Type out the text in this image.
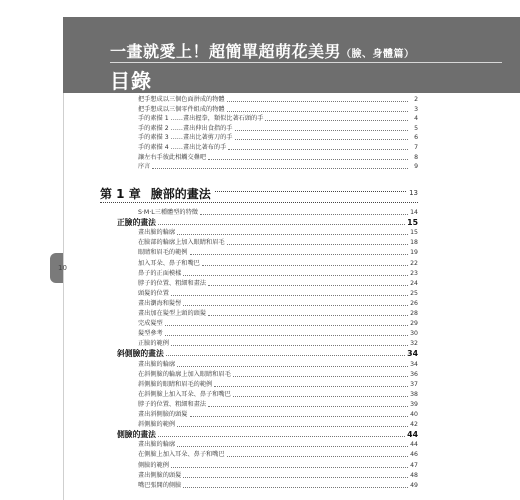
一畫就愛上！超簡單超萌花美男（臉、身體篇）
目錄
10
把手想成以三個色面拼成的物體	2
把手想成以三個零件組成的物體	3
手的素描 1 ……畫出握拳，類似比著石頭的手	4
手的素描 2 ……畫出伸出食指的手	5
手的素描 3 ……畫出比著剪刀的手	6
手的素描 4 ……畫出比著布的手	7
讓左右手彼此相觸交疊吧	8
序言	9
第 1 章 臉部的畫法	13
S‧M‧L三種體型的特徵	14
正臉的畫法	15
畫出臉的輪廓	15
在臉部的輪廓上加入眼睛和眉毛	18
眼睛和眉毛的範例	19
加入耳朵、鼻子和嘴巴	22
鼻子的正面模樣	23
脖子的位置、粗細和畫法	24
頭髮的位置	25
畫出瀏海和髮髻	26
畫出加在髮型上頭的頭髮	28
完成髮型	29
髮型參考	30
正臉的範例	32
斜側臉的畫法	34
畫出臉的輪廓	34
在斜側臉的輪廓上加入眼睛和眉毛	36
斜側臉的眼睛和眉毛的範例	37
在斜側臉上加入耳朵、鼻子和嘴巴	38
脖子的位置、粗細和畫法	39
畫出斜側臉的頭髮	40
斜側臉的範例	42
側臉的畫法	44
畫出臉的輪廓	44
在側臉上加入耳朵、鼻子和嘴巴	46
側臉的範例	47
畫出側臉的頭髮	48
嘴巴張開的側臉	49
